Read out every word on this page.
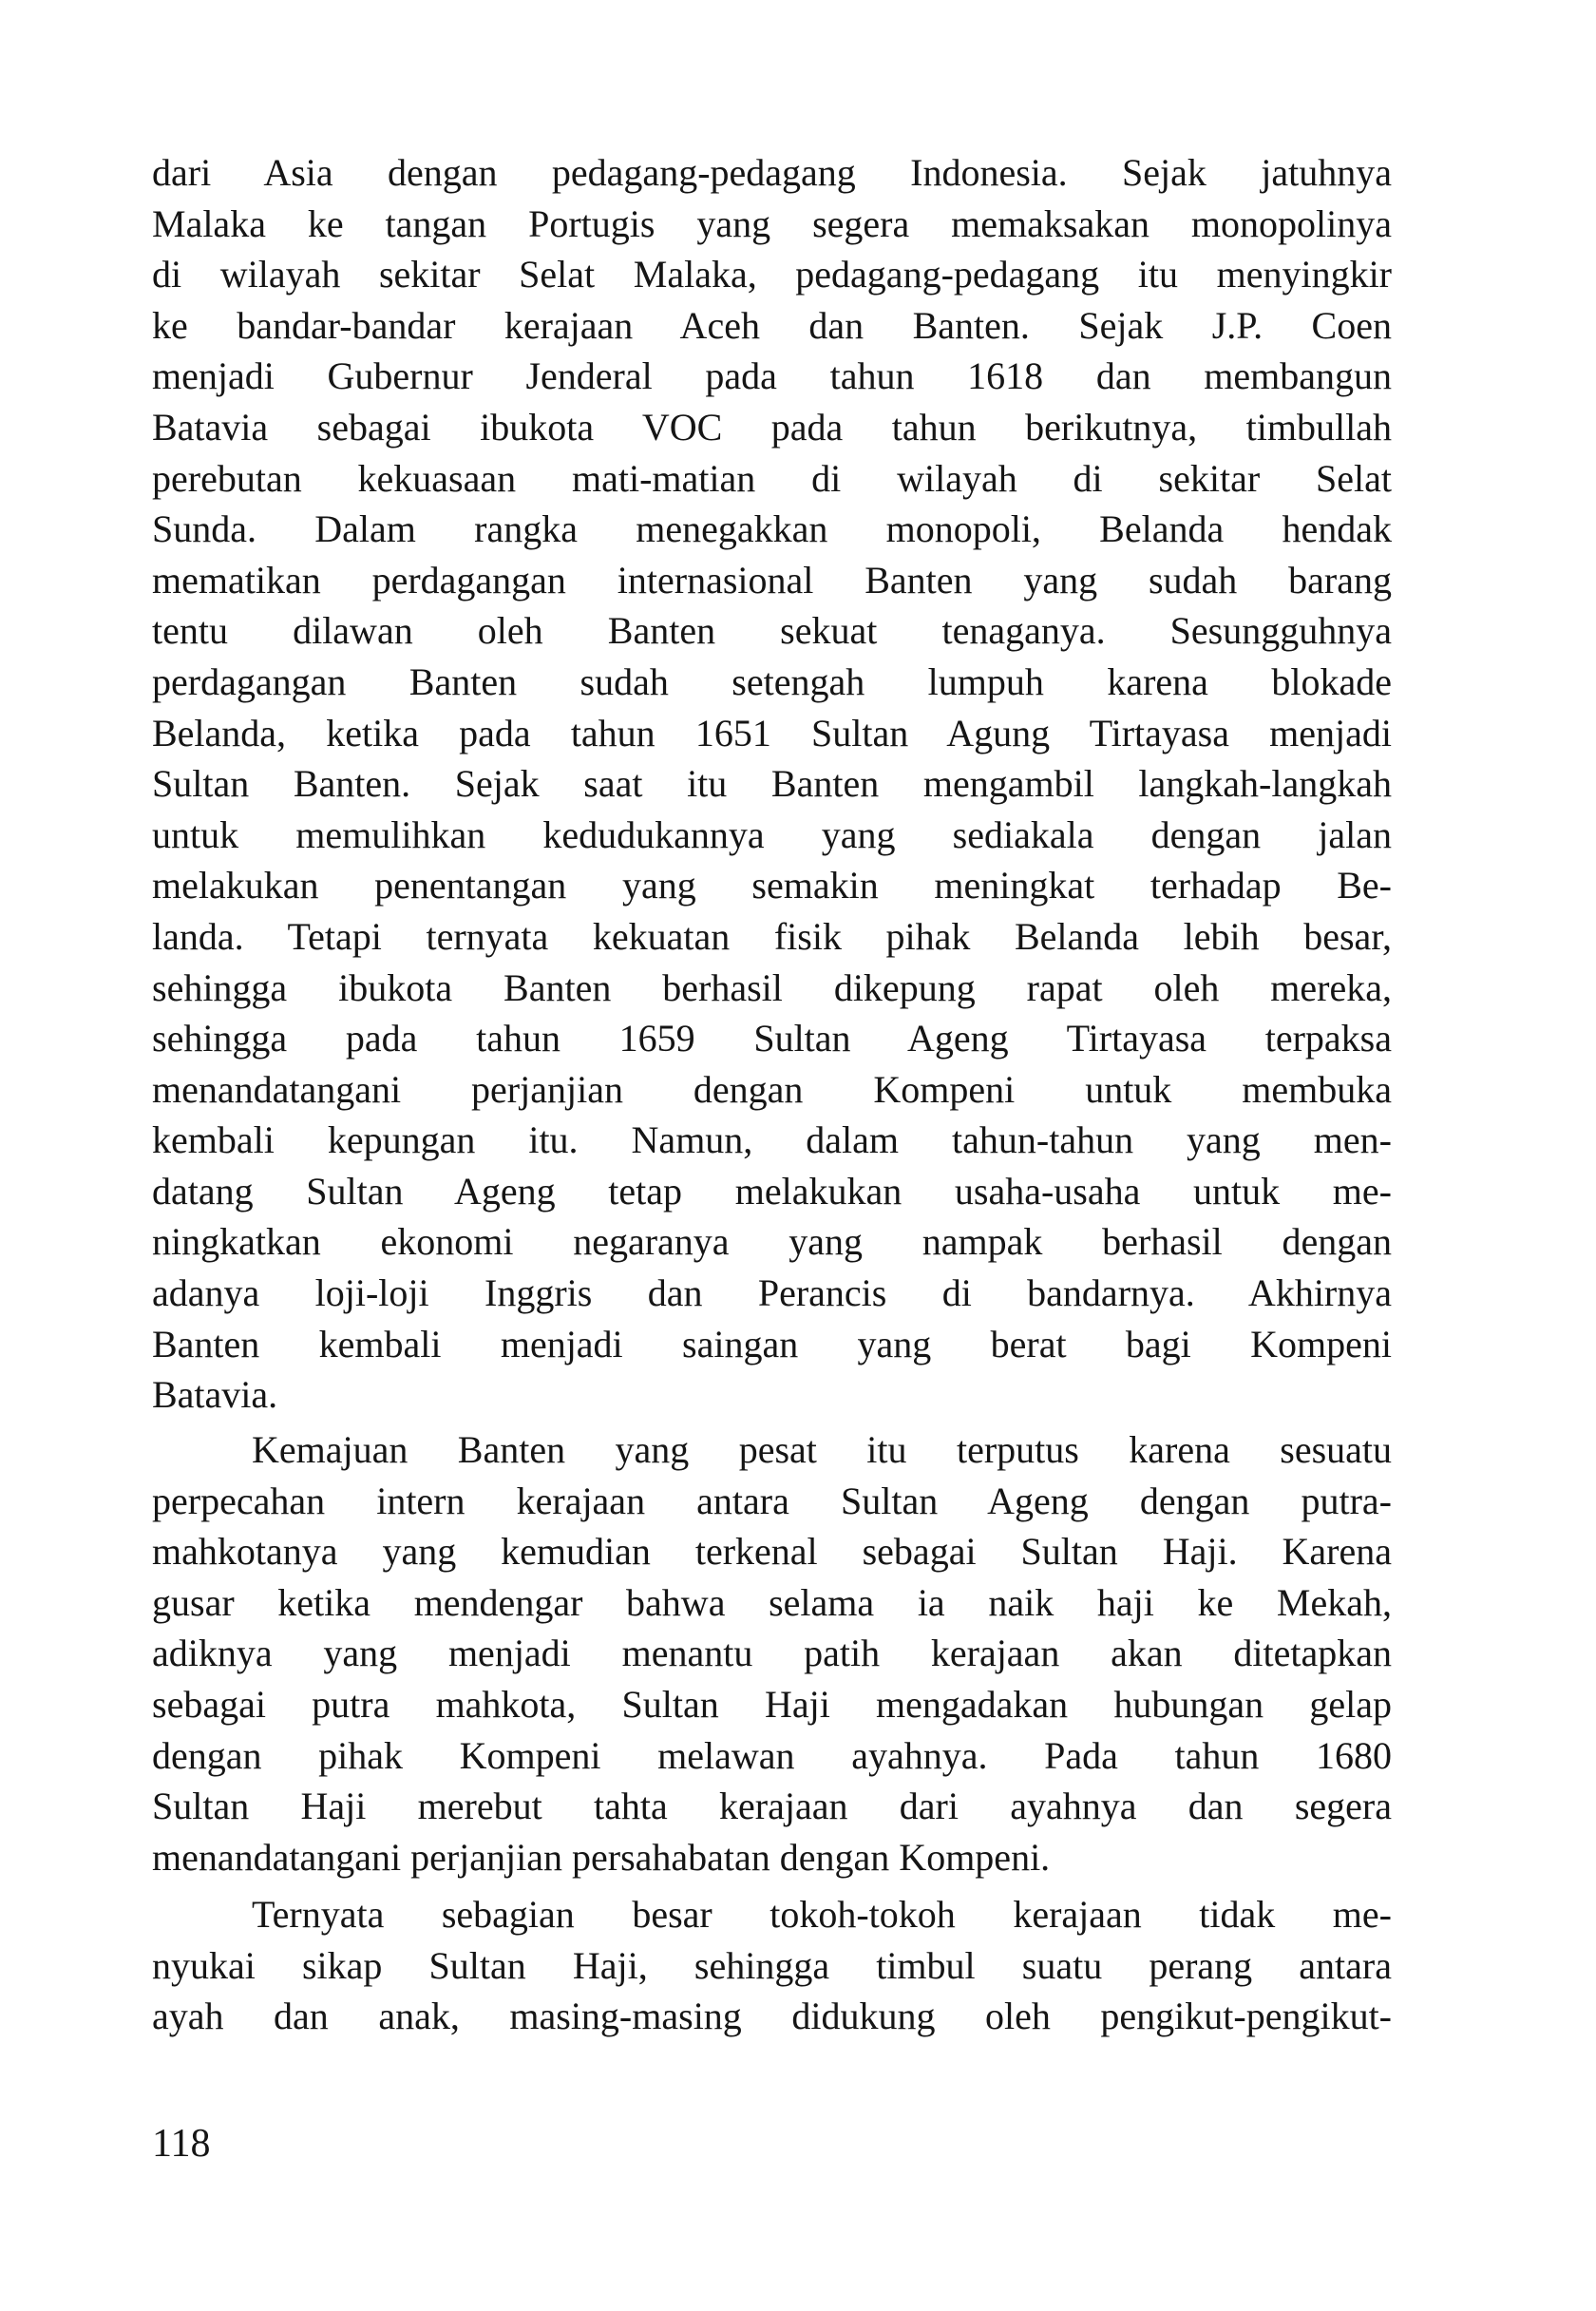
dari Asia dengan pedagang-pedagang Indonesia. Sejak jatuhnya
Malaka ke tangan Portugis yang segera memaksakan monopolinya
di wilayah sekitar Selat Malaka, pedagang-pedagang itu menyingkir
ke bandar-bandar kerajaan Aceh dan Banten. Sejak J.P. Coen
menjadi Gubernur Jenderal pada tahun 1618 dan membangun
Batavia sebagai ibukota VOC pada tahun berikutnya, timbullah
perebutan kekuasaan mati-matian di wilayah di sekitar Selat
Sunda. Dalam rangka menegakkan monopoli, Belanda hendak
mematikan perdagangan internasional Banten yang sudah barang
tentu dilawan oleh Banten sekuat tenaganya. Sesungguhnya
perdagangan Banten sudah setengah lumpuh karena blokade
Belanda, ketika pada tahun 1651 Sultan Agung Tirtayasa menjadi
Sultan Banten. Sejak saat itu Banten mengambil langkah-langkah
untuk memulihkan kedudukannya yang sediakala dengan jalan
melakukan penentangan yang semakin meningkat terhadap Be-
landa. Tetapi ternyata kekuatan fisik pihak Belanda lebih besar,
sehingga ibukota Banten berhasil dikepung rapat oleh mereka,
sehingga pada tahun 1659 Sultan Ageng Tirtayasa terpaksa
menandatangani perjanjian dengan Kompeni untuk membuka
kembali kepungan itu. Namun, dalam tahun-tahun yang men-
datang Sultan Ageng tetap melakukan usaha-usaha untuk me-
ningkatkan ekonomi negaranya yang nampak berhasil dengan
adanya loji-loji Inggris dan Perancis di bandarnya. Akhirnya
Banten kembali menjadi saingan yang berat bagi Kompeni
Batavia.

Kemajuan Banten yang pesat itu terputus karena sesuatu
perpecahan intern kerajaan antara Sultan Ageng dengan putra-
mahkotanya yang kemudian terkenal sebagai Sultan Haji. Karena
gusar ketika mendengar bahwa selama ia naik haji ke Mekah,
adiknya yang menjadi menantu patih kerajaan akan ditetapkan
sebagai putra mahkota, Sultan Haji mengadakan hubungan gelap
dengan pihak Kompeni melawan ayahnya. Pada tahun 1680
Sultan Haji merebut tahta kerajaan dari ayahnya dan segera
menandatangani perjanjian persahabatan dengan Kompeni.

Ternyata sebagian besar tokoh-tokoh kerajaan tidak me-
nyukai sikap Sultan Haji, sehingga timbul suatu perang antara
ayah dan anak, masing-masing didukung oleh pengikut-pengikut-

118
